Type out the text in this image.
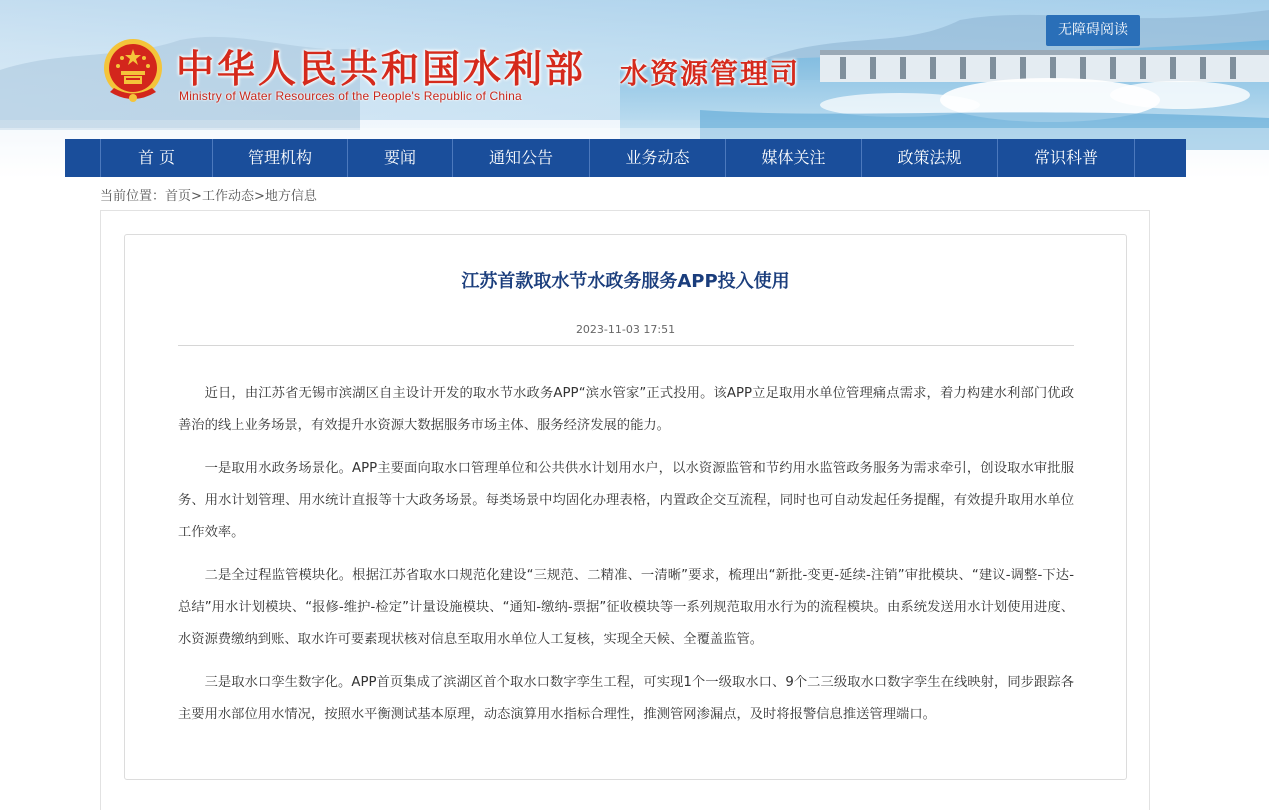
中华人民共和国水利部
Ministry of Water Resources of the People's Republic of China
水资源管理司
无障碍阅读
首 页	管理机构	要闻	通知公告	业务动态	媒体关注	政策法规	常识科普
当前位置：首页>工作动态>地方信息
江苏首款取水节水政务服务APP投入使用
2023-11-03 17:51

近日，由江苏省无锡市滨湖区自主设计开发的取水节水政务APP“滨水管家”正式投用。该APP立足取用水单位管理痛点需求，着力构建水利部门优政善治的线上业务场景，有效提升水资源大数据服务市场主体、服务经济发展的能力。

一是取用水政务场景化。APP主要面向取水口管理单位和公共供水计划用水户，以水资源监管和节约用水监管政务服务为需求牵引，创设取水审批服务、用水计划管理、用水统计直报等十大政务场景。每类场景中均固化办理表格，内置政企交互流程，同时也可自动发起任务提醒，有效提升取用水单位工作效率。

二是全过程监管模块化。根据江苏省取水口规范化建设“三规范、二精准、一清晰”要求，梳理出“新批-变更-延续-注销”审批模块、“建议-调整-下达-总结”用水计划模块、“报修-维护-检定”计量设施模块、“通知-缴纳-票据”征收模块等一系列规范取用水行为的流程模块。由系统发送用水计划使用进度、水资源费缴纳到账、取水许可要素现状核对信息至取用水单位人工复核，实现全天候、全覆盖监管。

三是取水口孪生数字化。APP首页集成了滨湖区首个取水口数字孪生工程，可实现1个一级取水口、9个二三级取水口数字孪生在线映射，同步跟踪各主要用水部位用水情况，按照水平衡测试基本原理，动态演算用水指标合理性，推测管网渗漏点，及时将报警信息推送管理端口。
